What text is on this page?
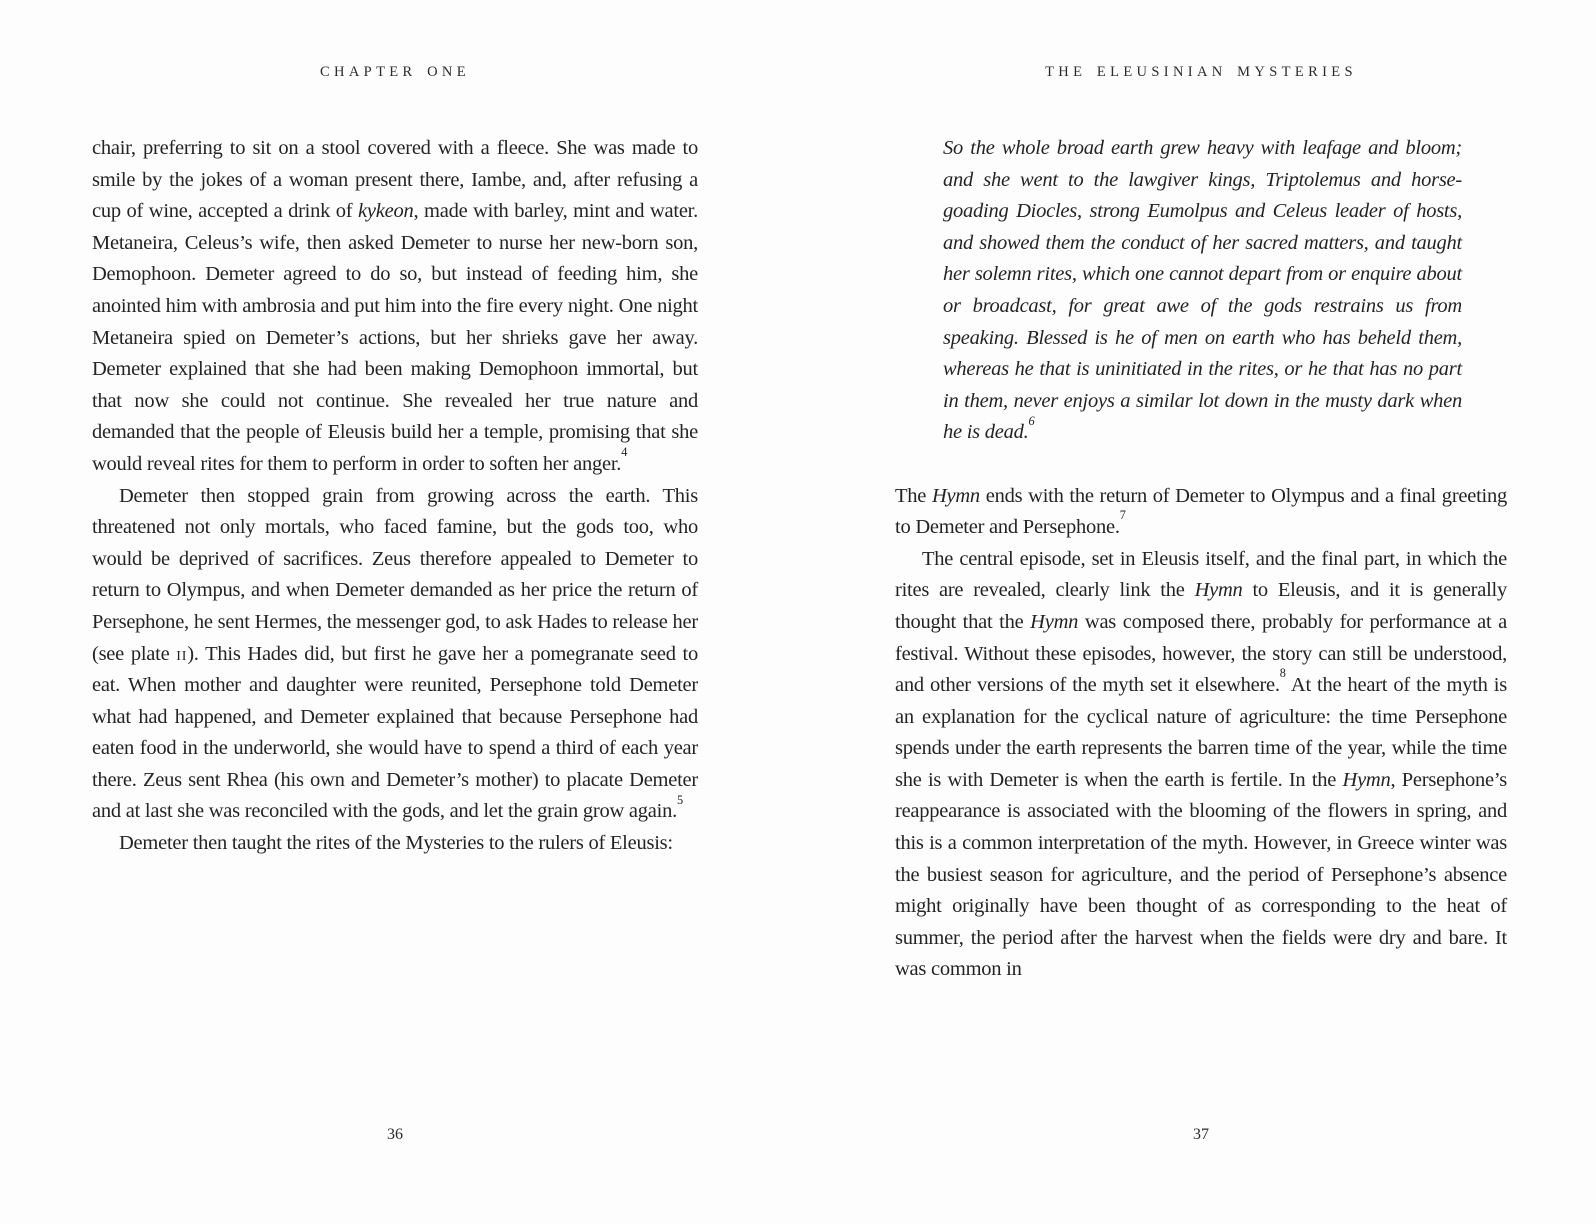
CHAPTER ONE

chair, preferring to sit on a stool covered with a fleece. She was made to smile by the jokes of a woman present there, Iambe, and, after refusing a cup of wine, accepted a drink of kykeon, made with barley, mint and water. Metaneira, Celeus’s wife, then asked Demeter to nurse her new-born son, Demophoon. Demeter agreed to do so, but instead of feeding him, she anointed him with ambrosia and put him into the fire every night. One night Metaneira spied on Demeter’s actions, but her shrieks gave her away. Demeter explained that she had been making Demophoon immortal, but that now she could not continue. She revealed her true nature and demanded that the people of Eleusis build her a temple, promising that she would reveal rites for them to perform in order to soften her anger.$^4$

Demeter then stopped grain from growing across the earth. This threatened not only mortals, who faced famine, but the gods too, who would be deprived of sacrifices. Zeus therefore appealed to Demeter to return to Olympus, and when Demeter demanded as her price the return of Persephone, he sent Hermes, the messenger god, to ask Hades to release her (see plate ii). This Hades did, but first he gave her a pomegranate seed to eat. When mother and daughter were reunited, Persephone told Demeter what had happened, and Demeter explained that because Persephone had eaten food in the underworld, she would have to spend a third of each year there. Zeus sent Rhea (his own and Demeter’s mother) to placate Demeter and at last she was reconciled with the gods, and let the grain grow again.$^5$

Demeter then taught the rites of the Mysteries to the rulers of Eleusis:

36
THE ELEUSINIAN MYSTERIES

So the whole broad earth grew heavy with leafage and bloom; and she went to the lawgiver kings, Triptolemus and horse-goading Diocles, strong Eumolpus and Celeus leader of hosts, and showed them the conduct of her sacred matters, and taught her solemn rites, which one cannot depart from or enquire about or broadcast, for great awe of the gods restrains us from speaking. Blessed is he of men on earth who has beheld them, whereas he that is uninitiated in the rites, or he that has no part in them, never enjoys a similar lot down in the musty dark when he is dead.$^6$

The Hymn ends with the return of Demeter to Olympus and a final greeting to Demeter and Persephone.$^7$

The central episode, set in Eleusis itself, and the final part, in which the rites are revealed, clearly link the Hymn to Eleusis, and it is generally thought that the Hymn was composed there, probably for performance at a festival. Without these episodes, however, the story can still be understood, and other versions of the myth set it elsewhere.$^8$ At the heart of the myth is an explanation for the cyclical nature of agriculture: the time Persephone spends under the earth represents the barren time of the year, while the time she is with Demeter is when the earth is fertile. In the Hymn, Persephone’s reappearance is associated with the blooming of the flowers in spring, and this is a common interpretation of the myth. However, in Greece winter was the busiest season for agriculture, and the period of Persephone’s absence might originally have been thought of as corresponding to the heat of summer, the period after the harvest when the fields were dry and bare. It was common in

37
